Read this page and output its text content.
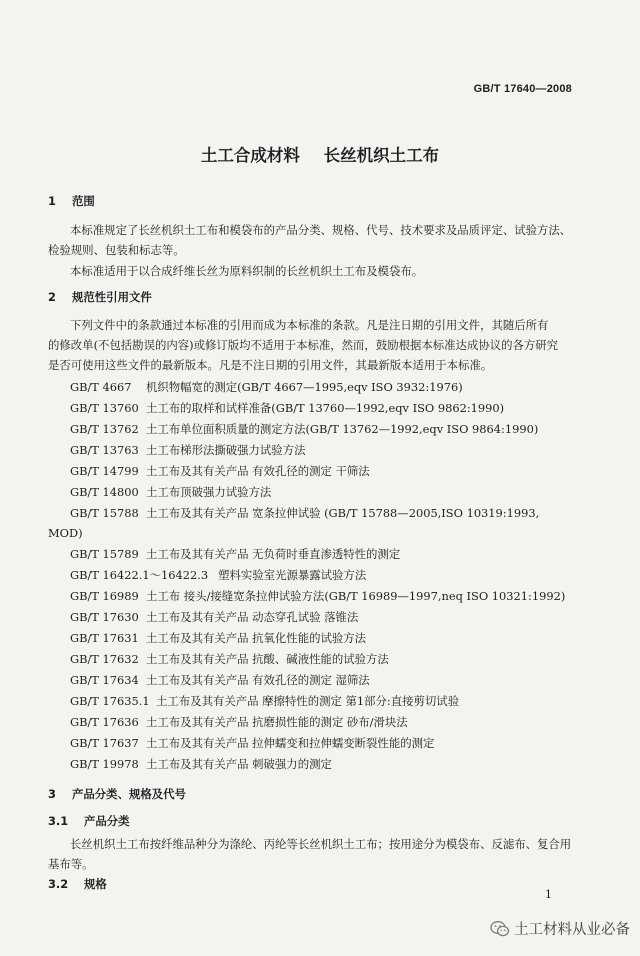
GB/T 17640—2008
土工合成材料 长丝机织土工布
1 范围
本标准规定了长丝机织土工布和模袋布的产品分类、规格、代号、技术要求及品质评定、试验方法、
检验规则、包装和标志等。
本标准适用于以合成纤维长丝为原料织制的长丝机织土工布及模袋布。
2 规范性引用文件
下列文件中的条款通过本标准的引用而成为本标准的条款。凡是注日期的引用文件，其随后所有
的修改单(不包括勘误的内容)或修订版均不适用于本标准，然而，鼓励根据本标准达成协议的各方研究
是否可使用这些文件的最新版本。凡是不注日期的引用文件，其最新版本适用于本标准。
GB/T 4667 机织物幅宽的测定(GB/T 4667—1995,eqv ISO 3932:1976)
GB/T 13760 土工布的取样和试样准备(GB/T 13760—1992,eqv ISO 9862:1990)
GB/T 13762 土工布单位面积质量的测定方法(GB/T 13762—1992,eqv ISO 9864:1990)
GB/T 13763 土工布梯形法撕破强力试验方法
GB/T 14799 土工布及其有关产品 有效孔径的测定 干筛法
GB/T 14800 土工布顶破强力试验方法
GB/T 15788 土工布及其有关产品 宽条拉伸试验 (GB/T 15788—2005,ISO 10319:1993,
MOD)
GB/T 15789 土工布及其有关产品 无负荷时垂直渗透特性的测定
GB/T 16422.1～16422.3 塑料实验室光源暴露试验方法
GB/T 16989 土工布 接头/接缝宽条拉伸试验方法(GB/T 16989—1997,neq ISO 10321:1992)
GB/T 17630 土工布及其有关产品 动态穿孔试验 落锥法
GB/T 17631 土工布及其有关产品 抗氧化性能的试验方法
GB/T 17632 土工布及其有关产品 抗酸、碱液性能的试验方法
GB/T 17634 土工布及其有关产品 有效孔径的测定 湿筛法
GB/T 17635.1 土工布及其有关产品 摩擦特性的测定 第1部分:直接剪切试验
GB/T 17636 土工布及其有关产品 抗磨损性能的测定 砂布/滑块法
GB/T 17637 土工布及其有关产品 拉伸蠕变和拉伸蠕变断裂性能的测定
GB/T 19978 土工布及其有关产品 刺破强力的测定
3 产品分类、规格及代号
3.1 产品分类
长丝机织土工布按纤维品种分为涤纶、丙纶等长丝机织土工布；按用途分为模袋布、反滤布、复合用
基布等。
3.2 规格
1
土工材料从业必备
